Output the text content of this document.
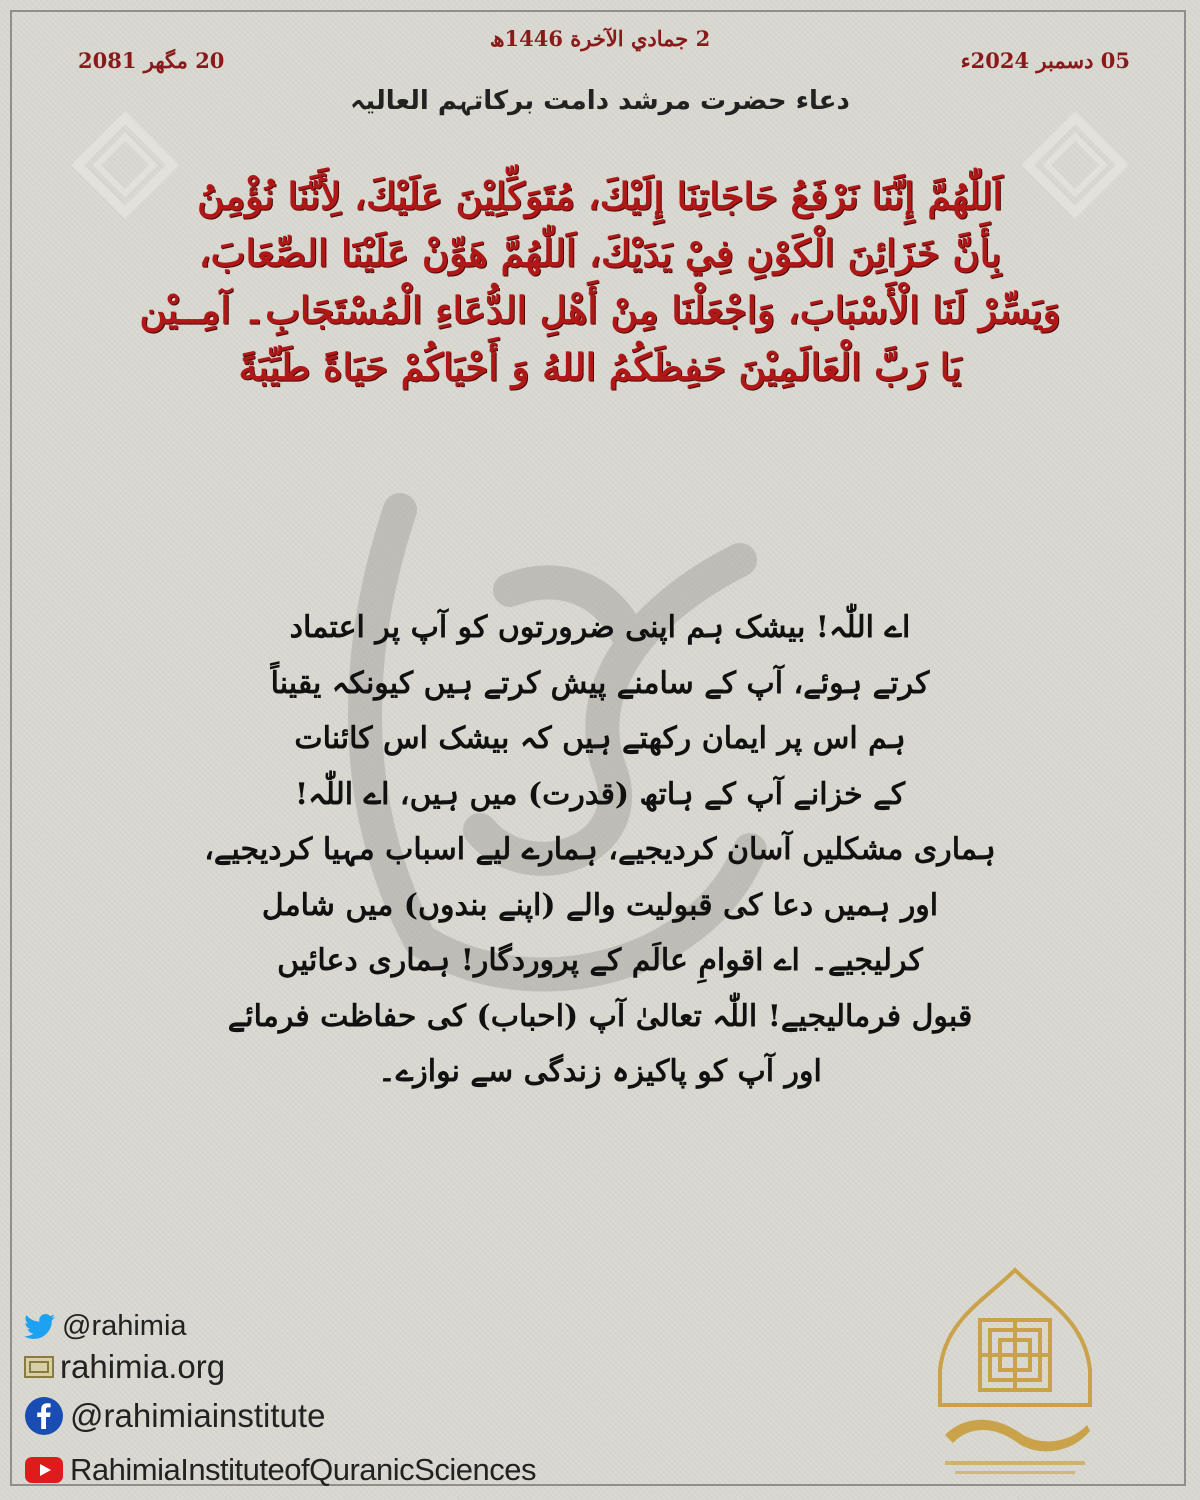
2 جمادي الآخرة 1446ھ
05 دسمبر 2024ء
20 مگھر 2081
دعاء حضرت مرشد دامت برکاتہم العالیہ
اَللّٰهُمَّ إِنَّنَا نَرْفَعُ حَاجَاتِنَا إِلَيْكَ، مُتَوَكِّلِيْنَ عَلَيْكَ، لِأَنَّنَا نُؤْمِنُ
بِأَنَّ خَزَائِنَ الْكَوْنِ فِيْ يَدَيْكَ، اَللّٰهُمَّ هَوِّنْ عَلَيْنَا الصِّعَابَ،
وَيَسِّرْ لَنَا الْأَسْبَابَ، وَاجْعَلْنَا مِنْ أَهْلِ الدُّعَاءِ الْمُسْتَجَابِ۔ آمِــيْن
يَا رَبَّ الْعَالَمِيْنَ حَفِظَكُمُ اللهُ وَ أَحْيَاكُمْ حَيَاةً طَيِّبَةً
اے اللّٰہ! بیشک ہم اپنی ضرورتوں کو آپ پر اعتماد
کرتے ہوئے، آپ کے سامنے پیش کرتے ہیں کیونکہ یقیناً
ہم اس پر ایمان رکھتے ہیں کہ بیشک اس کائنات
کے خزانے آپ کے ہاتھ (قدرت) میں ہیں، اے اللّٰہ!
ہماری مشکلیں آسان کردیجیے، ہمارے لیے اسباب مہیا کردیجیے،
اور ہمیں دعا کی قبولیت والے (اپنے بندوں) میں شامل
کرلیجیے۔ اے اقوامِ عالَم کے پروردگار! ہماری دعائیں
قبول فرمالیجیے! اللّٰہ تعالیٰ آپ (احباب) کی حفاظت فرمائے
اور آپ کو پاکیزہ زندگی سے نوازے۔
@rahimia
rahimia.org
@rahimiainstitute
RahimiaInstituteofQuranicSciences
